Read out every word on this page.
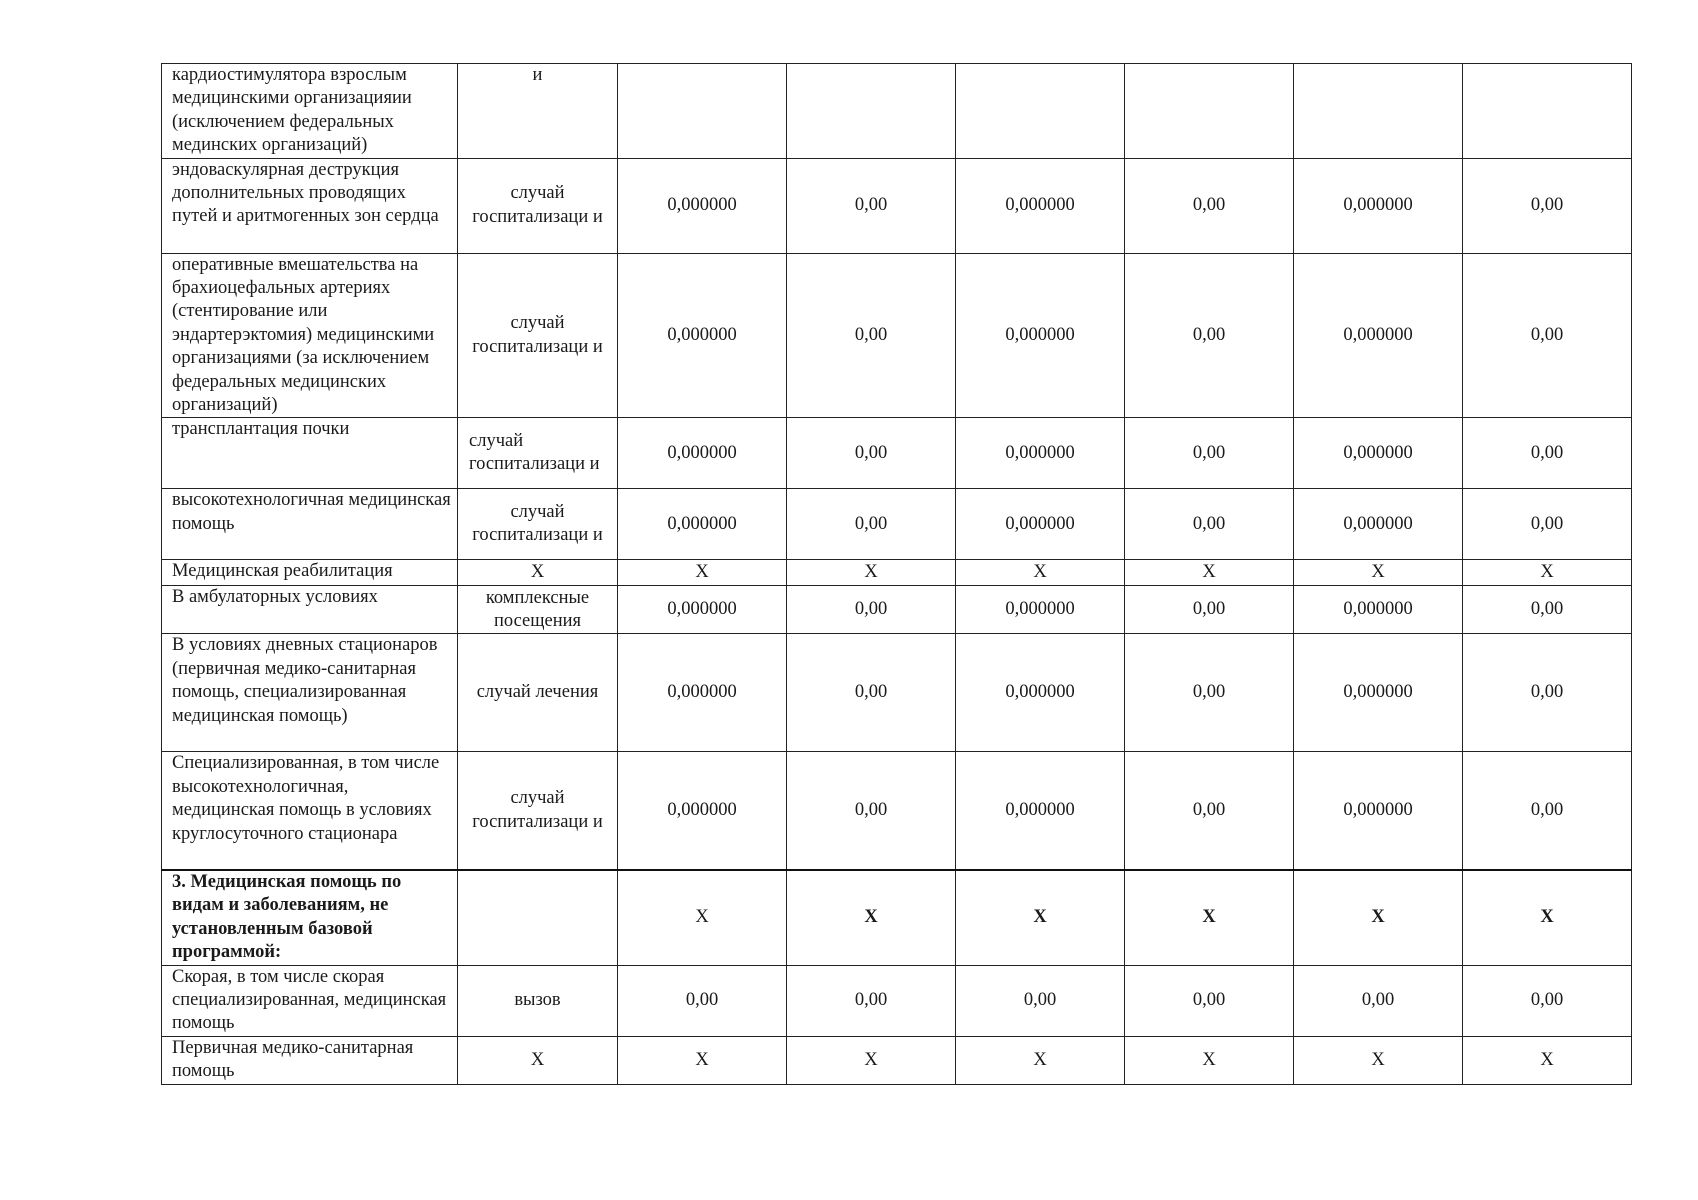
кардиостимулятора взрослым медицинскими организацияии (исключением федеральных мединских организаций)	и						
эндоваскулярная деструкция дополнительных проводящих путей и аритмогенных зон сердца	случай госпитализаци и	0,000000	0,00	0,000000	0,00	0,000000	0,00
оперативные вмешательства на брахиоцефальных артериях (стентирование или эндартерэктомия) медицинскими организациями (за исключением федеральных медицинских организаций)	случай госпитализаци и	0,000000	0,00	0,000000	0,00	0,000000	0,00
трансплантация почки	случай госпитализаци и	0,000000	0,00	0,000000	0,00	0,000000	0,00
высокотехнологичная медицинская помощь	случай госпитализаци и	0,000000	0,00	0,000000	0,00	0,000000	0,00
Медицинская реабилитация	Х	Х	Х	Х	Х	Х	Х
В амбулаторных условиях	комплексные посещения	0,000000	0,00	0,000000	0,00	0,000000	0,00
В условиях дневных стационаров (первичная медико-санитарная помощь, специализированная медицинская помощь)	случай лечения	0,000000	0,00	0,000000	0,00	0,000000	0,00
Специализированная, в том числе высокотехнологичная, медицинская помощь в условиях круглосуточного стационара	случай госпитализаци и	0,000000	0,00	0,000000	0,00	0,000000	0,00
3. Медицинская помощь по видам и заболеваниям, не установленным базовой программой:		Х	Х	Х	Х	Х	Х
Скорая, в том числе скорая специализированная, медицинская помощь	вызов	0,00	0,00	0,00	0,00	0,00	0,00
Первичная медико-санитарная помощь	Х	Х	Х	Х	Х	Х	Х
